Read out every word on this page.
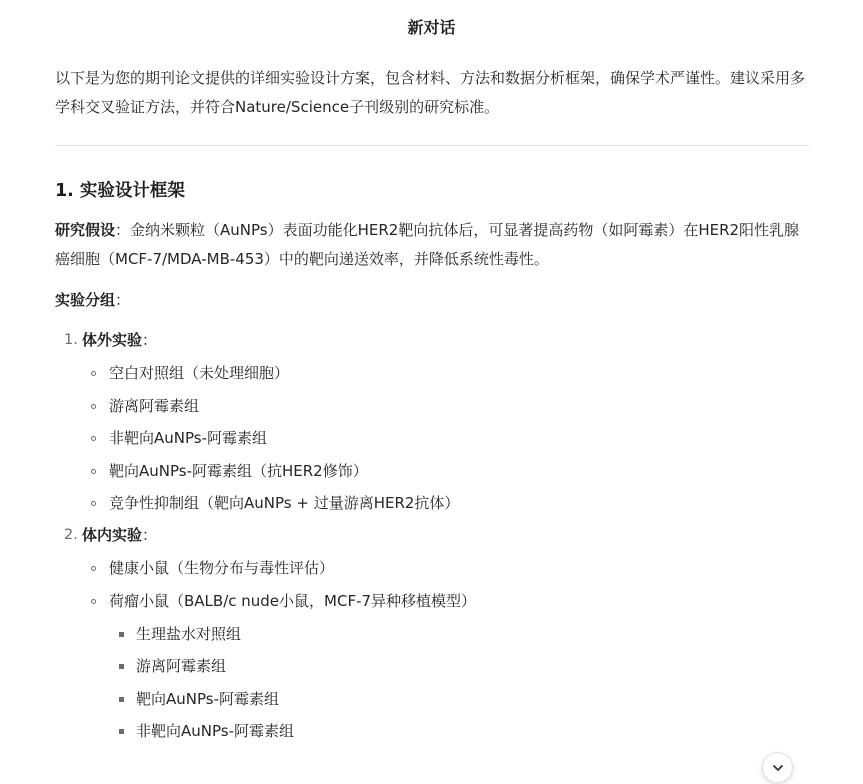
新对话

以下是为您的期刊论文提供的详细实验设计方案，包含材料、方法和数据分析框架，确保学术严谨性。建议采用多学科交叉验证方法，并符合Nature/Science子刊级别的研究标准。

1. 实验设计框架

研究假设：金纳米颗粒（AuNPs）表面功能化HER2靶向抗体后，可显著提高药物（如阿霉素）在HER2阳性乳腺癌细胞（MCF-7/MDA-MB-453）中的靶向递送效率，并降低系统性毒性。

实验分组：

1. 体外实验：
空白对照组（未处理细胞）
游离阿霉素组
非靶向AuNPs-阿霉素组
靶向AuNPs-阿霉素组（抗HER2修饰）
竞争性抑制组（靶向AuNPs + 过量游离HER2抗体）
2. 体内实验：
健康小鼠（生物分布与毒性评估）
荷瘤小鼠（BALB/c nude小鼠，MCF-7异种移植模型）
生理盐水对照组
游离阿霉素组
靶向AuNPs-阿霉素组
非靶向AuNPs-阿霉素组
